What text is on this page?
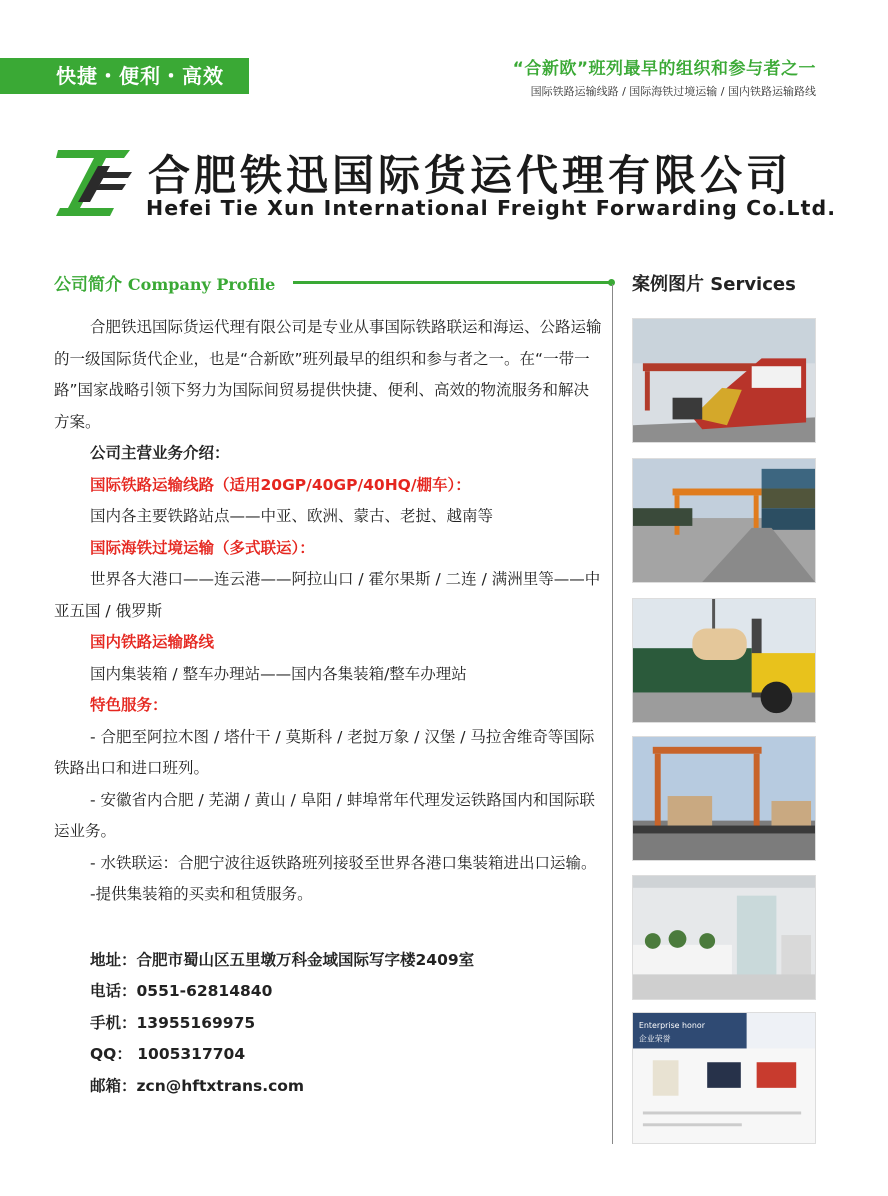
快捷・便利・高效	“合新欧”班列最早的组织和参与者之一
国际铁路运输线路 / 国际海铁过境运输 / 国内铁路运输路线
合肥铁迅国际货运代理有限公司
Hefei Tie Xun International Freight Forwarding Co.Ltd.
公司简介 Company Profile	案例图片 Services

合肥铁迅国际货运代理有限公司是专业从事国际铁路联运和海运、公路运输的一级国际货代企业，也是“合新欧”班列最早的组织和参与者之一。在“一带一路”国家战略引领下努力为国际间贸易提供快捷、便利、高效的物流服务和解决方案。

公司主营业务介绍：

国际铁路运输线路（适用20GP/40GP/40HQ/棚车）：

国内各主要铁路站点——中亚、欧洲、蒙古、老挝、越南等

国际海铁过境运输（多式联运）：

世界各大港口——连云港——阿拉山口 / 霍尔果斯 / 二连 / 满洲里等——中亚五国 / 俄罗斯

国内铁路运输路线

国内集装箱 / 整车办理站——国内各集装箱/整车办理站

特色服务：

- 合肥至阿拉木图 / 塔什干 / 莫斯科 / 老挝万象 / 汉堡 / 马拉舍维奇等国际铁路出口和进口班列。

- 安徽省内合肥 / 芜湖 / 黄山 / 阜阳 / 蚌埠常年代理发运铁路国内和国际联运业务。

- 水铁联运：合肥宁波往返铁路班列接驳至世界各港口集装箱进出口运输。

-提供集装箱的买卖和租赁服务。

地址：合肥市蜀山区五里墩万科金域国际写字楼2409室

电话：0551-62814840

手机：13955169975

QQ： 1005317704

邮箱：zcn@hftxtrans.com

Enterprise honor
企业荣誉
